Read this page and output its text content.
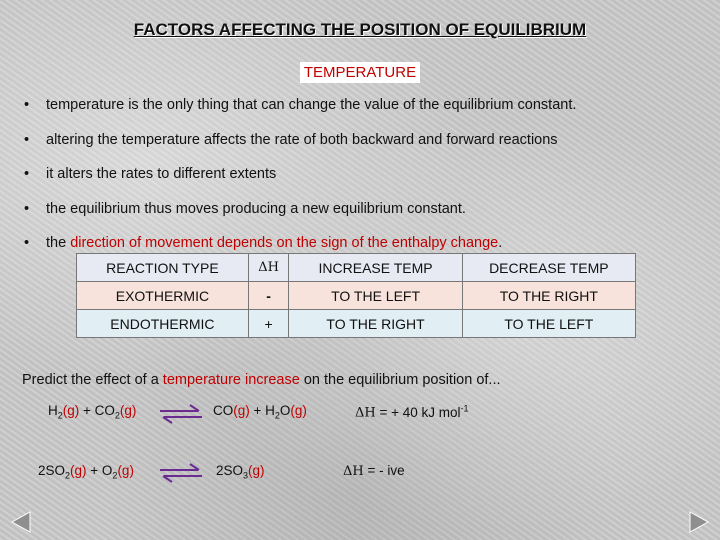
FACTORS AFFECTING THE POSITION OF EQUILIBRIUM
TEMPERATURE
• temperature is the only thing that can change the value of the equilibrium constant.
• altering the temperature affects the rate of both backward and forward reactions
• it alters the rates to different extents
• the equilibrium thus moves producing a new equilibrium constant.
• the direction of movement depends on the sign of the enthalpy change.
REACTION TYPE	ΔH	INCREASE TEMP	DECREASE TEMP
EXOTHERMIC	-	TO THE LEFT	TO THE RIGHT
ENDOTHERMIC	+	TO THE RIGHT	TO THE LEFT
Predict the effect of a temperature increase on the equilibrium position of...
$H_2(g) + CO_2(g)$ ⇌ $CO(g) + H_2O(g)$	ΔH = + 40 kJ mol$^{-1}$
$2SO_2(g) + O_2(g)$ ⇌ $2SO_3(g)$	ΔH = - ive
